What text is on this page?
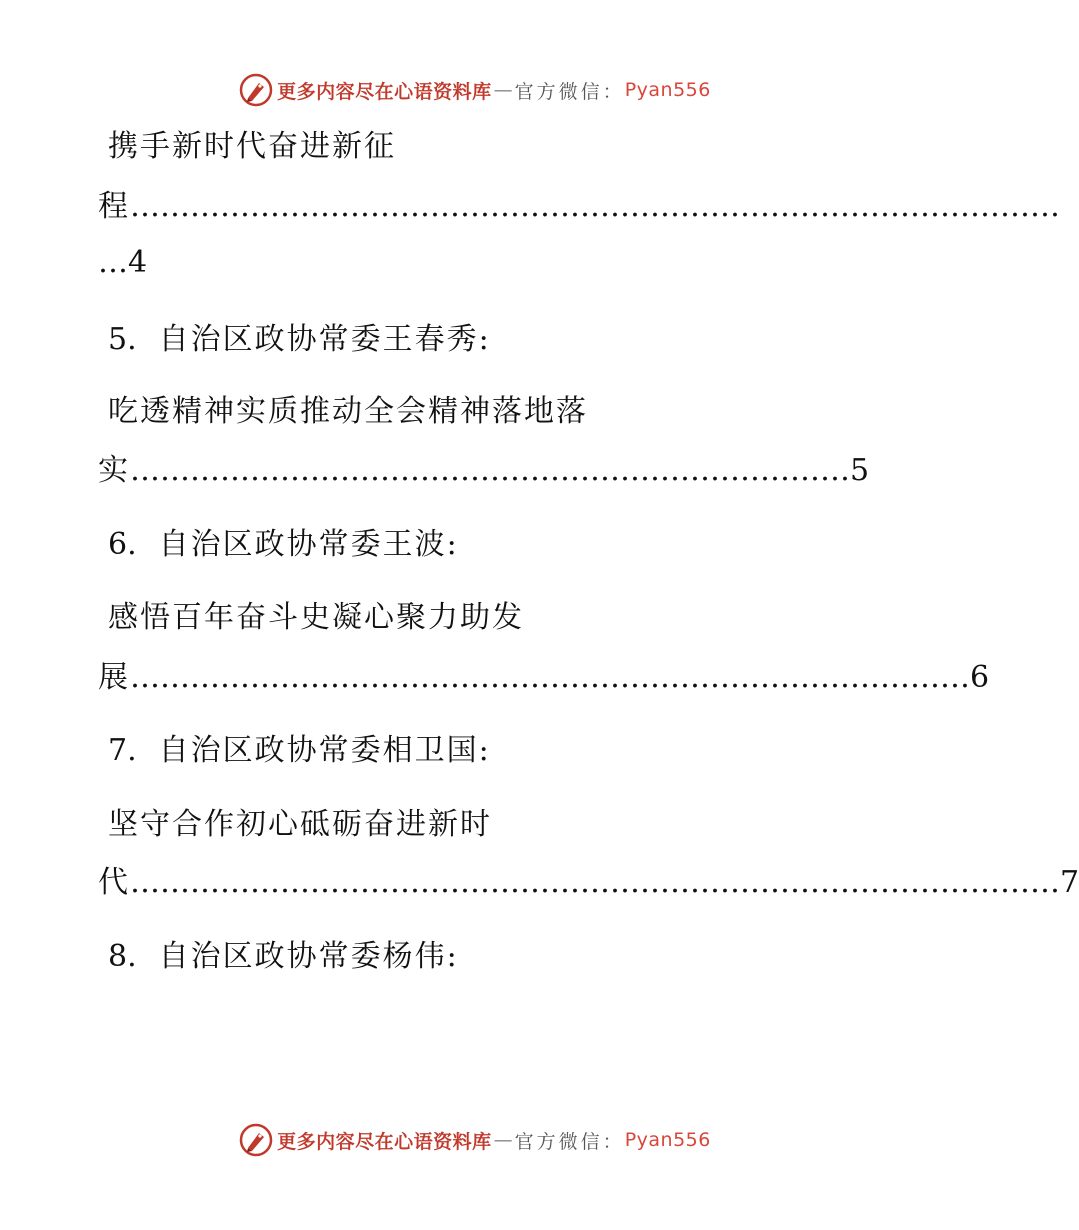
更多内容尽在心语资料库 — 官方微信： Pyan556
携手新时代奋进新征
程…………………………………………………………………………………
…4
5. 自治区政协常委王春秀:
吃透精神实质推动全会精神落地落
实………………………………………………………………5
6. 自治区政协常委王波:
感悟百年奋斗史凝心聚力助发
展…………………………………………………………………………6
7. 自治区政协常委相卫国:
坚守合作初心砥砺奋进新时
代…………………………………………………………………………………7
8. 自治区政协常委杨伟:
更多内容尽在心语资料库 — 官方微信： Pyan556
